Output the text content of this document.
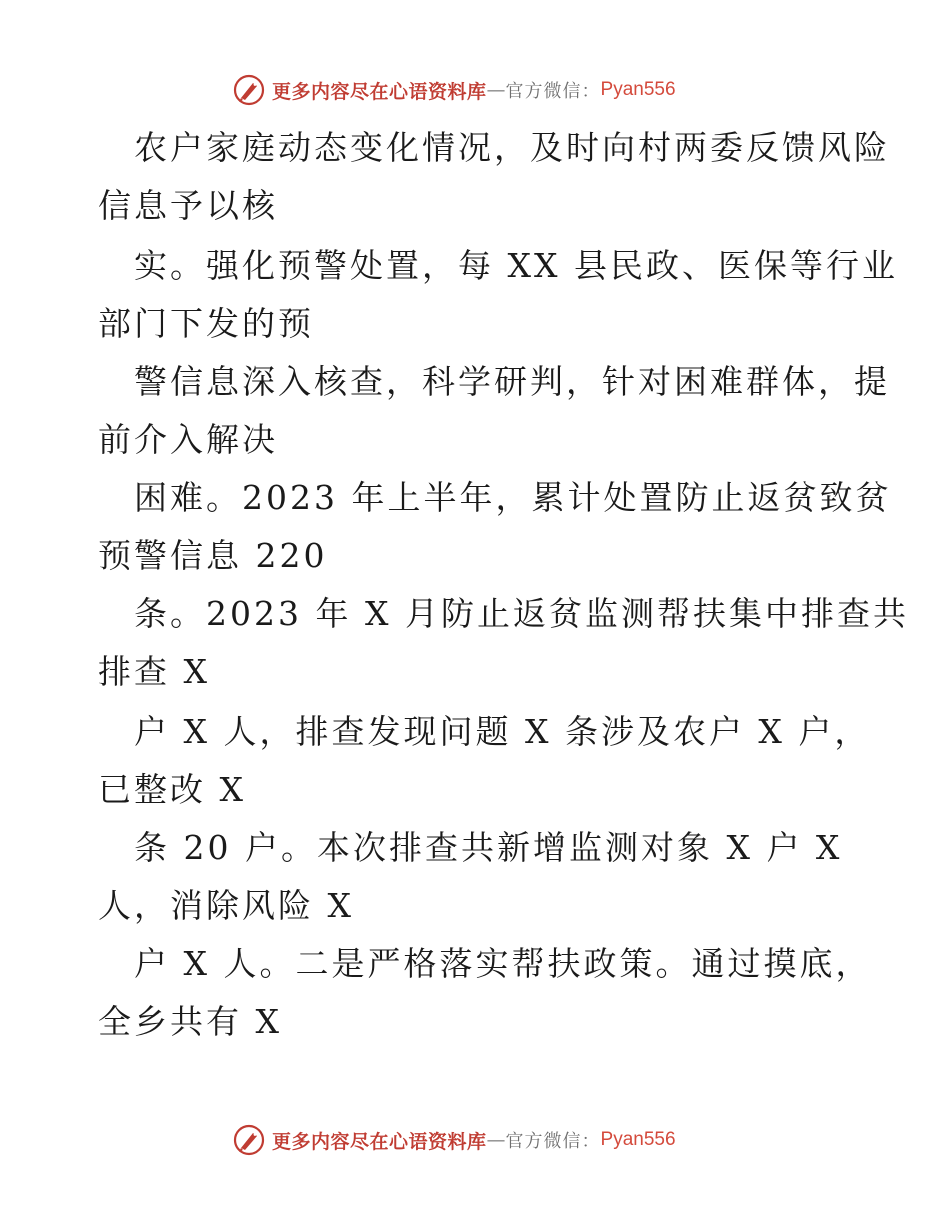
更多内容尽在心语资料库 — 官方微信： Pyan556
农户家庭动态变化情况，及时向村两委反馈风险
信息予以核
实。强化预警处置，每 XX 县民政、医保等行业
部门下发的预
警信息深入核查，科学研判，针对困难群体，提
前介入解决
困难。2023 年上半年，累计处置防止返贫致贫
预警信息 220
条。2023 年 X 月防止返贫监测帮扶集中排查共
排查 X
户 X 人，排查发现问题 X 条涉及农户 X 户，
已整改 X
条 20 户。本次排查共新增监测对象 X 户 X
人，消除风险 X
户 X 人。二是严格落实帮扶政策。通过摸底，
全乡共有 X
更多内容尽在心语资料库 — 官方微信： Pyan556
